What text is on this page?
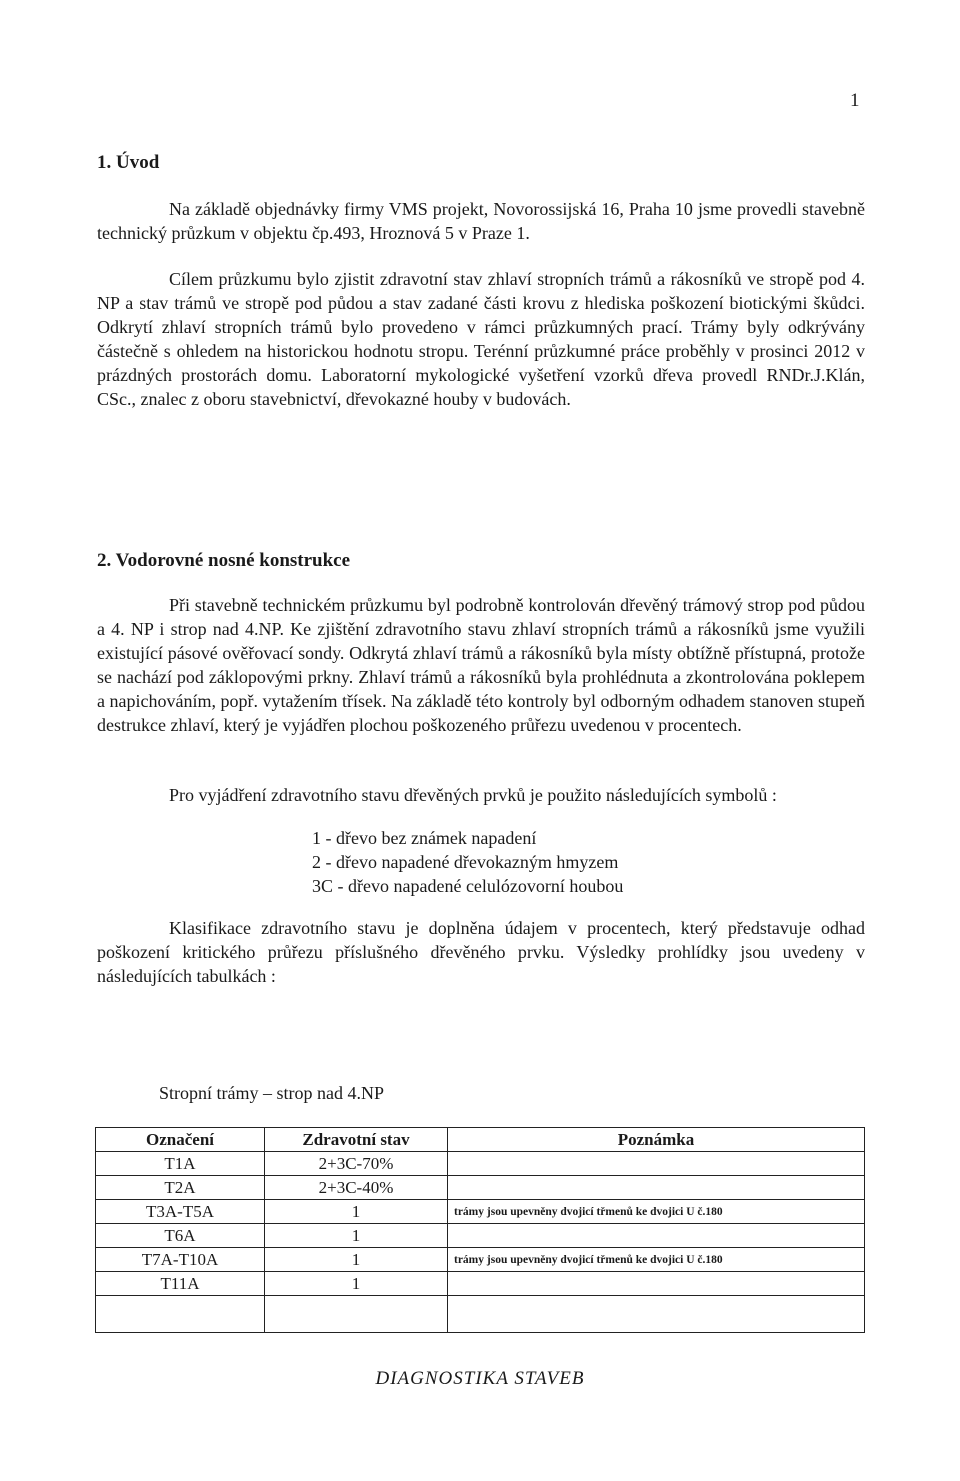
1
1. Úvod

Na základě objednávky firmy VMS projekt, Novorossijská 16, Praha 10 jsme provedli stavebně technický průzkum v objektu čp.493, Hroznová 5 v Praze 1.

Cílem průzkumu bylo zjistit zdravotní stav zhlaví stropních trámů a rákosníků ve stropě pod 4. NP a stav trámů ve stropě pod půdou a stav zadané části krovu z hlediska poškození biotickými škůdci. Odkrytí zhlaví stropních trámů bylo provedeno v rámci průzkumných prací. Trámy byly odkrývány částečně s ohledem na historickou hodnotu stropu. Terénní průzkumné práce proběhly v prosinci 2012 v prázdných prostorách domu. Laboratorní mykologické vyšetření vzorků dřeva provedl RNDr.J.Klán, CSc., znalec z oboru stavebnictví, dřevokazné houby v budovách.

2. Vodorovné nosné konstrukce

Při stavebně technickém průzkumu byl podrobně kontrolován dřevěný trámový strop pod půdou a 4. NP i strop nad 4.NP. Ke zjištění zdravotního stavu zhlaví stropních trámů a rákosníků jsme využili existující pásové ověřovací sondy. Odkrytá zhlaví trámů a rákosníků byla místy obtížně přístupná, protože se nachází pod záklopovými prkny. Zhlaví trámů a rákosníků byla prohlédnuta a zkontrolována poklepem a napichováním, popř. vytažením třísek. Na základě této kontroly byl odborným odhadem stanoven stupeň destrukce zhlaví, který je vyjádřen plochou poškozeného průřezu uvedenou v procentech.

Pro vyjádření zdravotního stavu dřevěných prvků je použito následujících symbolů :

1 - dřevo bez známek napadení
2 - dřevo napadené dřevokazným hmyzem
3C - dřevo napadené celulózovorní houbou

Klasifikace zdravotního stavu je doplněna údajem v procentech, který představuje odhad poškození kritického průřezu příslušného dřevěného prvku. Výsledky prohlídky jsou uvedeny v následujících tabulkách :

Stropní trámy – strop nad 4.NP
Označení	Zdravotní stav	Poznámka
T1A	2+3C-70%	
T2A	2+3C-40%	
T3A-T5A	1	trámy jsou upevněny dvojicí třmenů ke dvojici U č.180
T6A	1	
T7A-T10A	1	trámy jsou upevněny dvojicí třmenů ke dvojici U č.180
T11A	1	

DIAGNOSTIKA STAVEB
